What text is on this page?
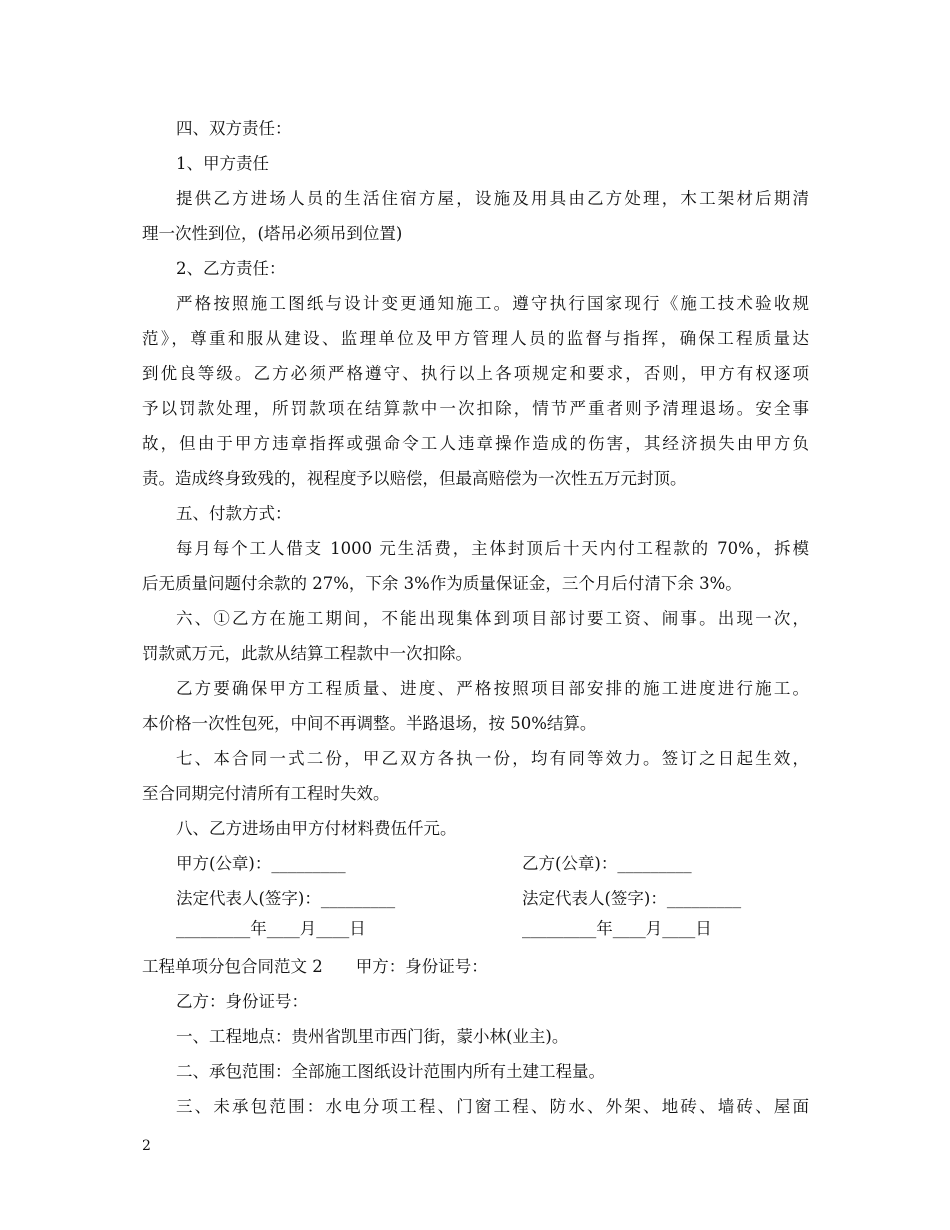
四、双方责任：
1、甲方责任
提供乙方进场人员的生活住宿方屋，设施及用具由乙方处理，木工架材后期清
理一次性到位，(塔吊必须吊到位置)
2、乙方责任：
严格按照施工图纸与设计变更通知施工。遵守执行国家现行《施工技术验收规
范》，尊重和服从建设、监理单位及甲方管理人员的监督与指挥，确保工程质量达
到优良等级。乙方必须严格遵守、执行以上各项规定和要求，否则，甲方有权逐项
予以罚款处理，所罚款项在结算款中一次扣除，情节严重者则予清理退场。安全事
故，但由于甲方违章指挥或强命令工人违章操作造成的伤害，其经济损失由甲方负
责。造成终身致残的，视程度予以赔偿，但最高赔偿为一次性五万元封顶。
五、付款方式：
每月每个工人借支 1000 元生活费，主体封顶后十天内付工程款的 70%，拆模
后无质量问题付余款的 27%，下余 3%作为质量保证金，三个月后付清下余 3%。
六、①乙方在施工期间，不能出现集体到项目部讨要工资、闹事。出现一次，
罚款贰万元，此款从结算工程款中一次扣除。
乙方要确保甲方工程质量、进度、严格按照项目部安排的施工进度进行施工。
本价格一次性包死，中间不再调整。半路退场，按 50%结算。
七、本合同一式二份，甲乙双方各执一份，均有同等效力。签订之日起生效，
至合同期完付清所有工程时失效。
八、乙方进场由甲方付材料费伍仟元。
甲方(公章)：_________	乙方(公章)：_________
法定代表人(签字)：_________	法定代表人(签字)：_________
_________年____月____日	_________年____月____日
工程单项分包合同范文 2　　甲方：身份证号：
乙方：身份证号：
一、工程地点：贵州省凯里市西门街，蒙小林(业主)。
二、承包范围：全部施工图纸设计范围内所有土建工程量。
三、未承包范围：水电分项工程、门窗工程、防水、外架、地砖、墙砖、屋面
2
